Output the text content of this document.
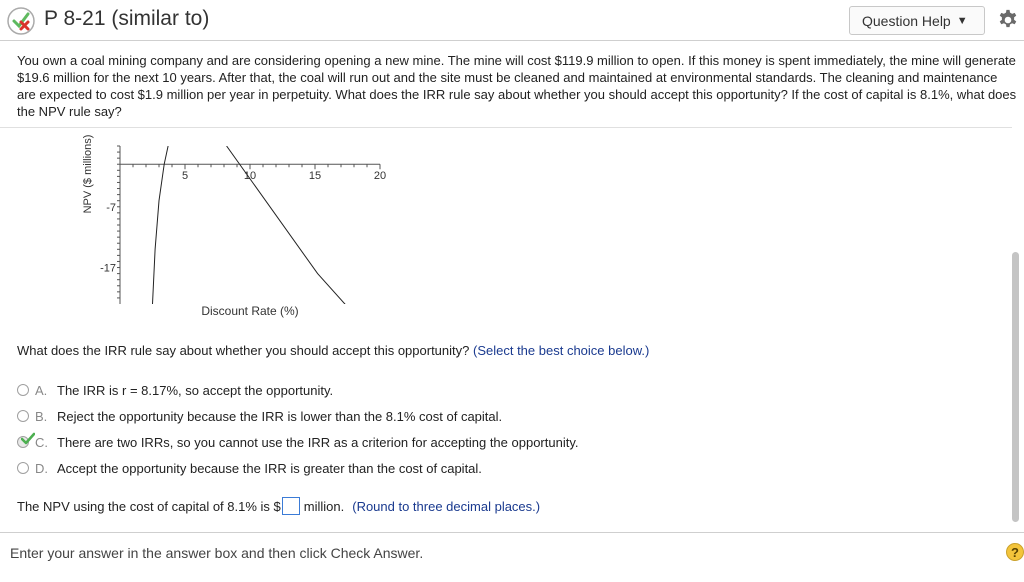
P 8-21 (similar to)	Question Help ▼
You own a coal mining company and are considering opening a new mine. The mine will cost $119.9 million to open. If this money is spent immediately, the mine will generate $19.6 million for the next 10 years. After that, the coal will run out and the site must be cleaned and maintained at environmental standards. The cleaning and maintenance are expected to cost $1.9 million per year in perpetuity. What does the IRR rule say about whether you should accept this opportunity? If the cost of capital is 8.1%, what does the NPV rule say?
NPV ($ millions)
Discount Rate (%)
5	10	15	20
-7
-17
What does the IRR rule say about whether you should accept this opportunity? (Select the best choice below.)
A. The IRR is r = 8.17%, so accept the opportunity.
B. Reject the opportunity because the IRR is lower than the 8.1% cost of capital.
C. There are two IRRs, so you cannot use the IRR as a criterion for accepting the opportunity.
D. Accept the opportunity because the IRR is greater than the cost of capital.
The NPV using the cost of capital of 8.1% is $ million. (Round to three decimal places.)
Enter your answer in the answer box and then click Check Answer.	?
